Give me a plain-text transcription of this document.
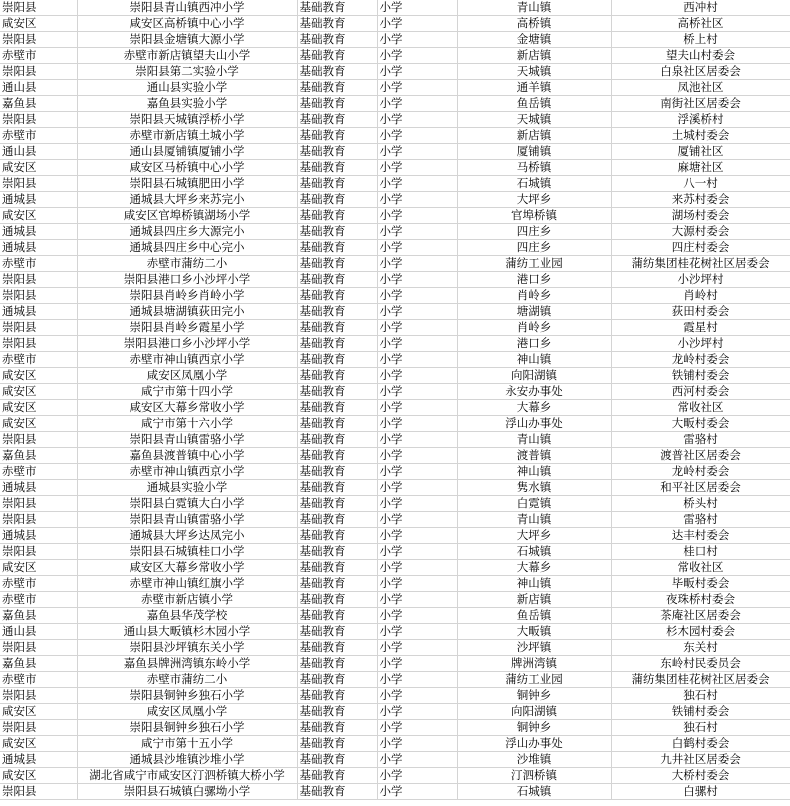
崇阳县	崇阳县青山镇西冲小学	基础教育	小学	青山镇	西冲村
咸安区	咸安区高桥镇中心小学	基础教育	小学	高桥镇	高桥社区
崇阳县	崇阳县金塘镇大源小学	基础教育	小学	金塘镇	桥上村
赤壁市	赤壁市新店镇望夫山小学	基础教育	小学	新店镇	望夫山村委会
崇阳县	崇阳县第二实验小学	基础教育	小学	天城镇	白泉社区居委会
通山县	通山县实验小学	基础教育	小学	通羊镇	凤池社区
嘉鱼县	嘉鱼县实验小学	基础教育	小学	鱼岳镇	南街社区居委会
崇阳县	崇阳县天城镇浮桥小学	基础教育	小学	天城镇	浮溪桥村
赤壁市	赤壁市新店镇土城小学	基础教育	小学	新店镇	土城村委会
通山县	通山县厦铺镇厦铺小学	基础教育	小学	厦铺镇	厦铺社区
咸安区	咸安区马桥镇中心小学	基础教育	小学	马桥镇	麻塘社区
崇阳县	崇阳县石城镇肥田小学	基础教育	小学	石城镇	八一村
通城县	通城县大坪乡来苏完小	基础教育	小学	大坪乡	来苏村委会
咸安区	咸安区官埠桥镇湖场小学	基础教育	小学	官埠桥镇	湖场村委会
通城县	通城县四庄乡大源完小	基础教育	小学	四庄乡	大源村委会
通城县	通城县四庄乡中心完小	基础教育	小学	四庄乡	四庄村委会
赤壁市	赤壁市蒲纺二小	基础教育	小学	蒲纺工业园	蒲纺集团桂花树社区居委会
崇阳县	崇阳县港口乡小沙坪小学	基础教育	小学	港口乡	小沙坪村
崇阳县	崇阳县肖岭乡肖岭小学	基础教育	小学	肖岭乡	肖岭村
通城县	通城县塘湖镇荻田完小	基础教育	小学	塘湖镇	荻田村委会
崇阳县	崇阳县肖岭乡霞星小学	基础教育	小学	肖岭乡	霞星村
崇阳县	崇阳县港口乡小沙坪小学	基础教育	小学	港口乡	小沙坪村
赤壁市	赤壁市神山镇西京小学	基础教育	小学	神山镇	龙岭村委会
咸安区	咸安区凤凰小学	基础教育	小学	向阳湖镇	铁铺村委会
咸安区	咸宁市第十四小学	基础教育	小学	永安办事处	西河村委会
咸安区	咸安区大幕乡常收小学	基础教育	小学	大幕乡	常收社区
咸安区	咸宁市第十六小学	基础教育	小学	浮山办事处	大畈村委会
崇阳县	崇阳县青山镇雷骆小学	基础教育	小学	青山镇	雷骆村
嘉鱼县	嘉鱼县渡普镇中心小学	基础教育	小学	渡普镇	渡普社区居委会
赤壁市	赤壁市神山镇西京小学	基础教育	小学	神山镇	龙岭村委会
通城县	通城县实验小学	基础教育	小学	隽水镇	和平社区居委会
崇阳县	崇阳县白霓镇大白小学	基础教育	小学	白霓镇	桥头村
崇阳县	崇阳县青山镇雷骆小学	基础教育	小学	青山镇	雷骆村
通城县	通城县大坪乡达凤完小	基础教育	小学	大坪乡	达丰村委会
崇阳县	崇阳县石城镇桂口小学	基础教育	小学	石城镇	桂口村
咸安区	咸安区大幕乡常收小学	基础教育	小学	大幕乡	常收社区
赤壁市	赤壁市神山镇红旗小学	基础教育	小学	神山镇	毕畈村委会
赤壁市	赤壁市新店镇小学	基础教育	小学	新店镇	夜珠桥村委会
嘉鱼县	嘉鱼县华茂学校	基础教育	小学	鱼岳镇	茶庵社区居委会
通山县	通山县大畈镇杉木园小学	基础教育	小学	大畈镇	杉木园村委会
崇阳县	崇阳县沙坪镇东关小学	基础教育	小学	沙坪镇	东关村
嘉鱼县	嘉鱼县牌洲湾镇东岭小学	基础教育	小学	牌洲湾镇	东岭村民委员会
赤壁市	赤壁市蒲纺二小	基础教育	小学	蒲纺工业园	蒲纺集团桂花树社区居委会
崇阳县	崇阳县铜钟乡独石小学	基础教育	小学	铜钟乡	独石村
咸安区	咸安区凤凰小学	基础教育	小学	向阳湖镇	铁铺村委会
崇阳县	崇阳县铜钟乡独石小学	基础教育	小学	铜钟乡	独石村
咸安区	咸宁市第十五小学	基础教育	小学	浮山办事处	白鹤村委会
通城县	通城县沙堆镇沙堆小学	基础教育	小学	沙堆镇	九井社区居委会
咸安区	湖北省咸宁市咸安区汀泗桥镇大桥小学	基础教育	小学	汀泗桥镇	大桥村委会
崇阳县	崇阳县石城镇白骡坳小学	基础教育	小学	石城镇	白骡村
